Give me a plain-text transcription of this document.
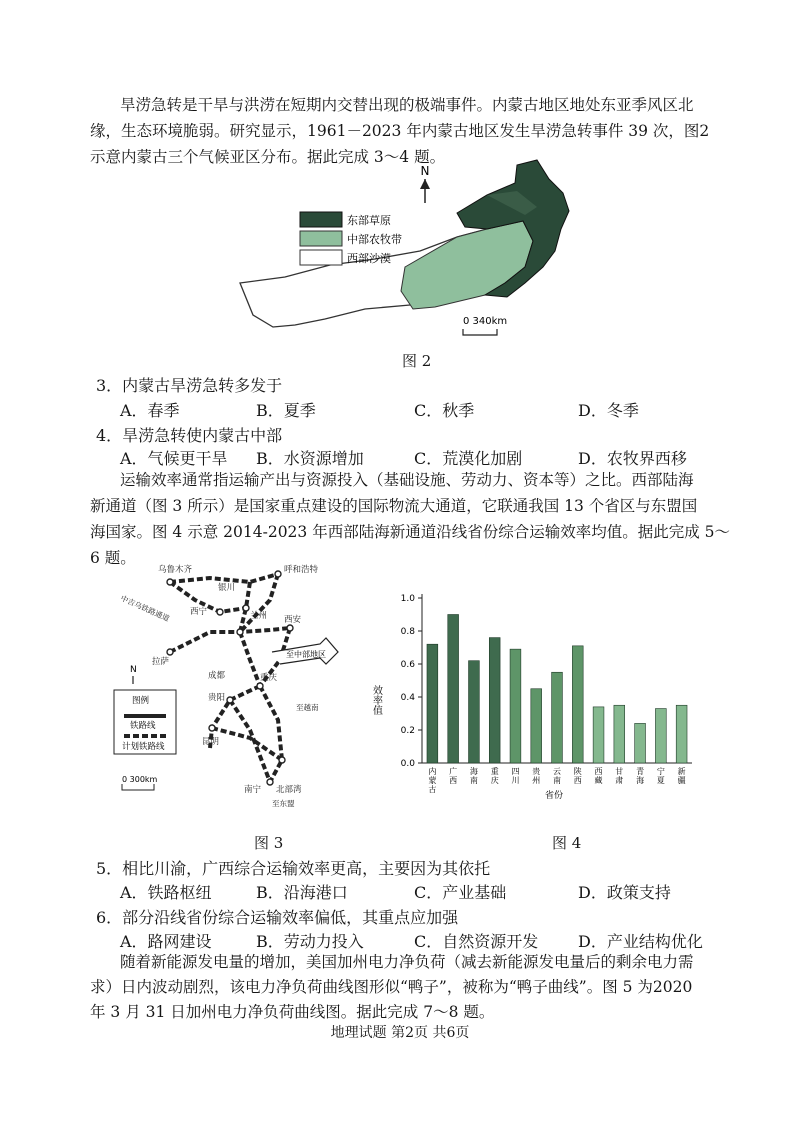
旱涝急转是干旱与洪涝在短期内交替出现的极端事件。内蒙古地区地处东亚季风区北
缘，生态环境脆弱。研究显示，1961－2023 年内蒙古地区发生旱涝急转事件 39 次，图2
示意内蒙古三个气候亚区分布。据此完成 3～4 题。
N
东部草原
中部农牧带
西部沙漠
0 340km
图 2
3．内蒙古旱涝急转多发于
A．春季	B．夏季	C．秋季	D．冬季
4．旱涝急转使内蒙古中部
A．气候更干旱 B．水资源增加	C．荒漠化加剧	D．农牧界西移
运输效率通常指运输产出与资源投入（基础设施、劳动力、资本等）之比。西部陆海
新通道（图 3 所示）是国家重点建设的国际物流大通道，它联通我国 13 个省区与东盟国
海国家。图 4 示意 2014-2023 年西部陆海新通道沿线省份综合运输效率均值。据此完成 5～
6 题。
至中部地区
乌鲁木齐	呼和浩特
银川
兰州
西宁
拉萨
西安
成都	重庆
贵阳
昆明
南宁 北部湾
中吉乌铁路通道
至东盟
至越南
N
图例
铁路线
计划铁路线
0 300km
图 3
0.0
0.2
0.4
0.6
0.8
1.0
内
蒙
古
广
西
海
南
重
庆
四
川
贵
州
云
南
陕
西
西
藏
甘
肃
青
海
宁
夏
新
疆
效率值
省份
图 4
5．相比川渝，广西综合运输效率更高，主要因为其依托
A．铁路枢纽	B．沿海港口	C．产业基础	D．政策支持
6．部分沿线省份综合运输效率偏低，其重点应加强
A．路网建设	B．劳动力投入	C．自然资源开发 D．产业结构优化
随着新能源发电量的增加，美国加州电力净负荷（减去新能源发电量后的剩余电力需
求）日内波动剧烈，该电力净负荷曲线图形似“鸭子”，被称为“鸭子曲线”。图 5 为2020
年 3 月 31 日加州电力净负荷曲线图。据此完成 7～8 题。
地理试题 第2页 共6页
